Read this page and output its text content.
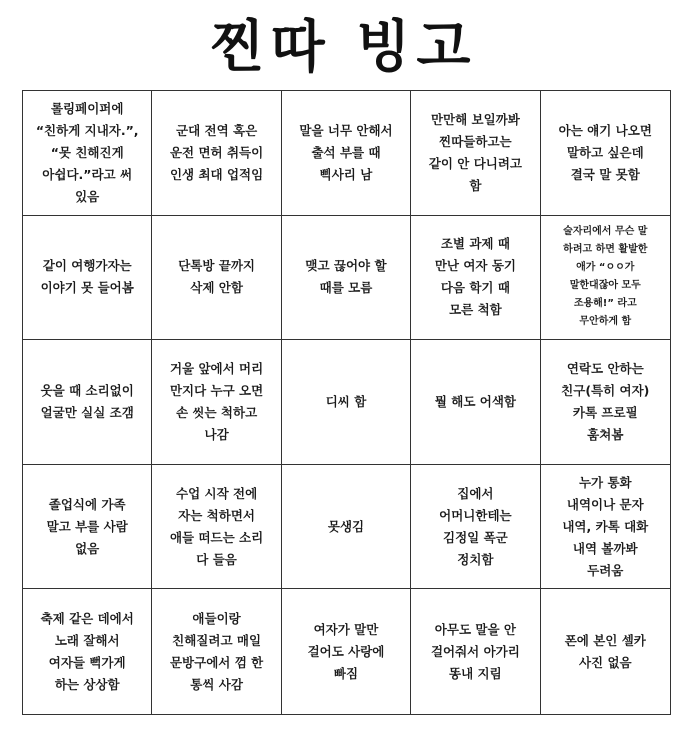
찐따 빙고
롤링페이퍼에
“친하게 지내자.”,
“못 친해진게
아쉽다.”라고 써
있음
군대 전역 혹은
운전 면허 취득이
인생 최대 업적임
말을 너무 안해서
출석 부를 때
삑사리 남
만만해 보일까봐
찐따들하고는
같이 안 다니려고
함
아는 얘기 나오면
말하고 싶은데
결국 말 못함
같이 여행가자는
이야기 못 들어봄
단톡방 끝까지
삭제 안함
맺고 끊어야 할
때를 모름
조별 과제 때
만난 여자 동기
다음 학기 때
모른 척함
술자리에서 무슨 말
하려고 하면 활발한
애가 “ㅇㅇ가
말한대잖아 모두
조용해!” 라고
무안하게 함
웃을 때 소리없이
얼굴만 실실 조갬
거울 앞에서 머리
만지다 누구 오면
손 씻는 척하고
나감
디씨 함	뭘 해도 어색함
연락도 안하는
친구(특히 여자)
카톡 프로필
훔쳐봄
졸업식에 가족
말고 부를 사람
없음
수업 시작 전에
자는 척하면서
애들 떠드는 소리
다 들음
못생김
집에서
어머니한테는
김정일 폭군
정치함
누가 통화
내역이나 문자
내역, 카톡 대화
내역 볼까봐
두려움
축제 같은 데에서
노래 잘해서
여자들 뻑가게
하는 상상함
애들이랑
친해질려고 매일
문방구에서 껌 한
통씩 사감
여자가 말만
걸어도 사랑에
빠짐
아무도 말을 안
걸어줘서 아가리
똥내 지림
폰에 본인 셀카
사진 없음
